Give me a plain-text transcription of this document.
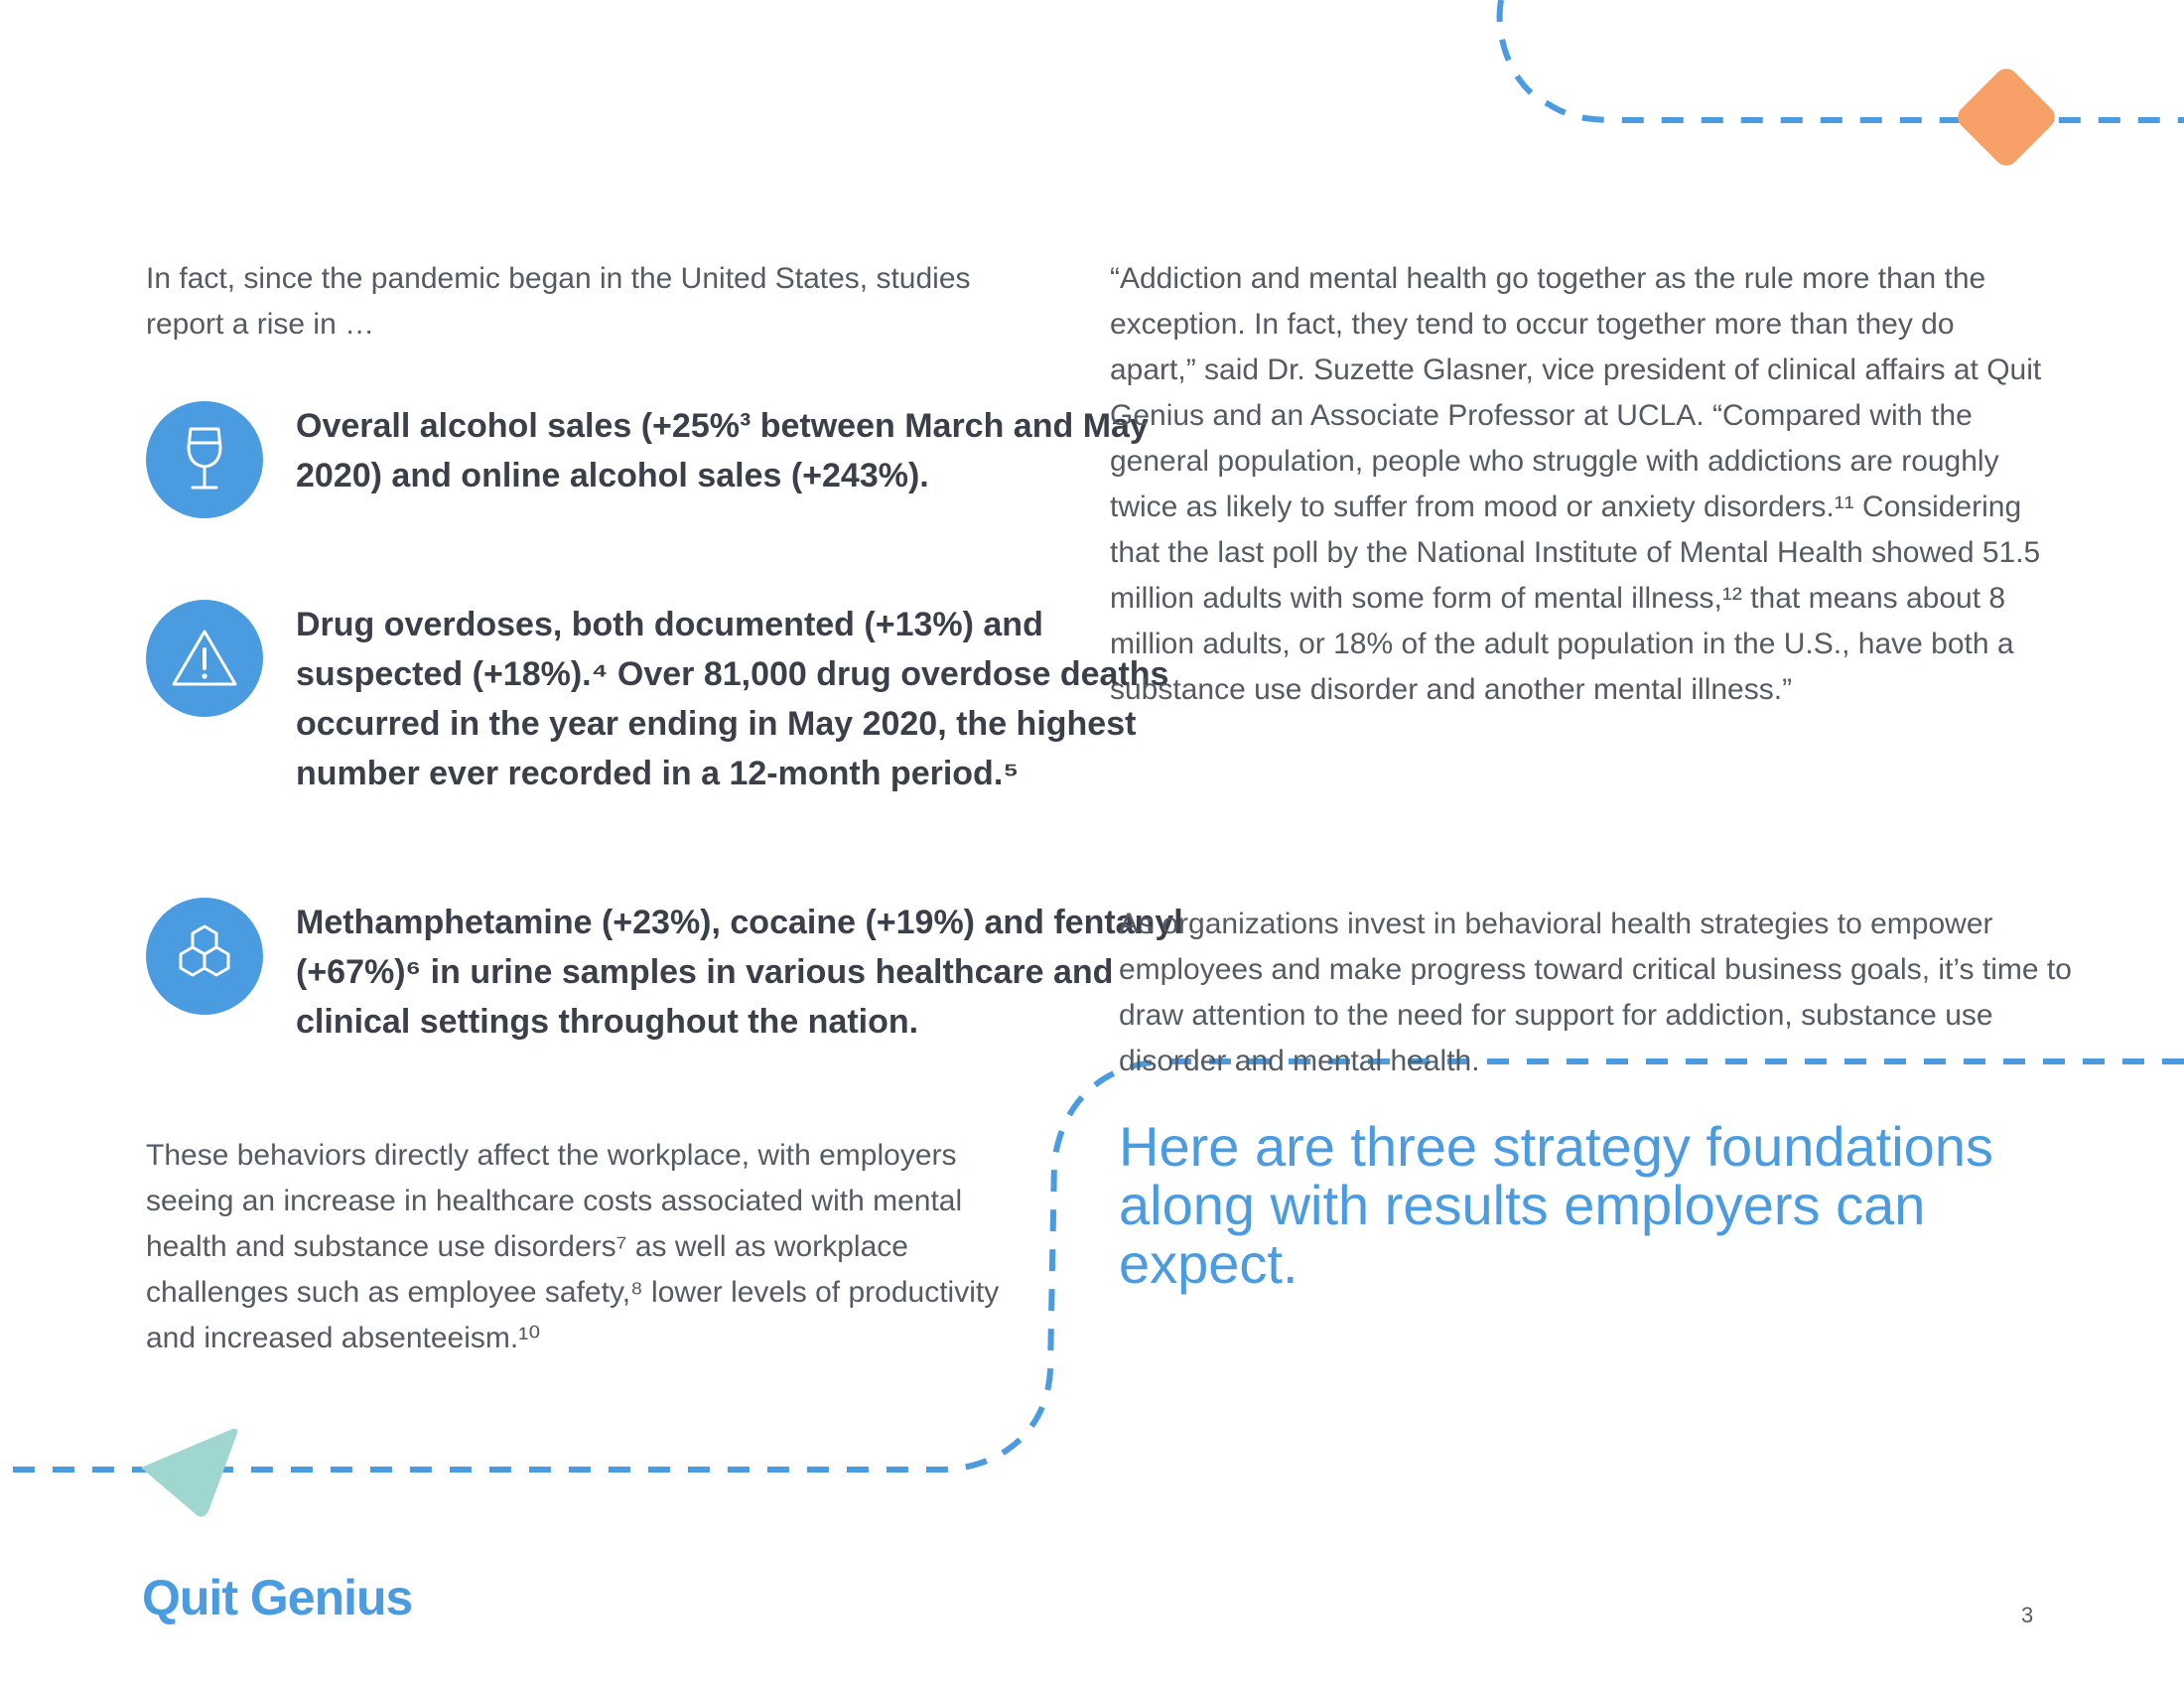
In fact, since the pandemic began in the United States, studies report a rise in …

Overall alcohol sales (+25%³ between March and May 2020) and online alcohol sales (+243%).

Drug overdoses, both documented (+13%) and suspected (+18%).⁴ Over 81,000 drug overdose deaths occurred in the year ending in May 2020, the highest number ever recorded in a 12-month period.⁵

Methamphetamine (+23%), cocaine (+19%) and fentanyl (+67%)⁶ in urine samples in various healthcare and clinical settings throughout the nation.

These behaviors directly affect the workplace, with employers seeing an increase in healthcare costs associated with mental health and substance use disorders⁷ as well as workplace challenges such as employee safety,⁸ lower levels of productivity and increased absenteeism.¹⁰

“Addiction and mental health go together as the rule more than the exception. In fact, they tend to occur together more than they do apart,” said Dr. Suzette Glasner, vice president of clinical affairs at Quit Genius and an Associate Professor at UCLA. “Compared with the general population, people who struggle with addictions are roughly twice as likely to suffer from mood or anxiety disorders.¹¹ Considering that the last poll by the National Institute of Mental Health showed 51.5 million adults with some form of mental illness,¹² that means about 8 million adults, or 18% of the adult population in the U.S., have both a substance use disorder and another mental illness.”

As organizations invest in behavioral health strategies to empower employees and make progress toward critical business goals, it’s time to draw attention to the need for support for addiction, substance use disorder and mental health.

Here are three strategy foundations along with results employers can expect.
Quit Genius	3
